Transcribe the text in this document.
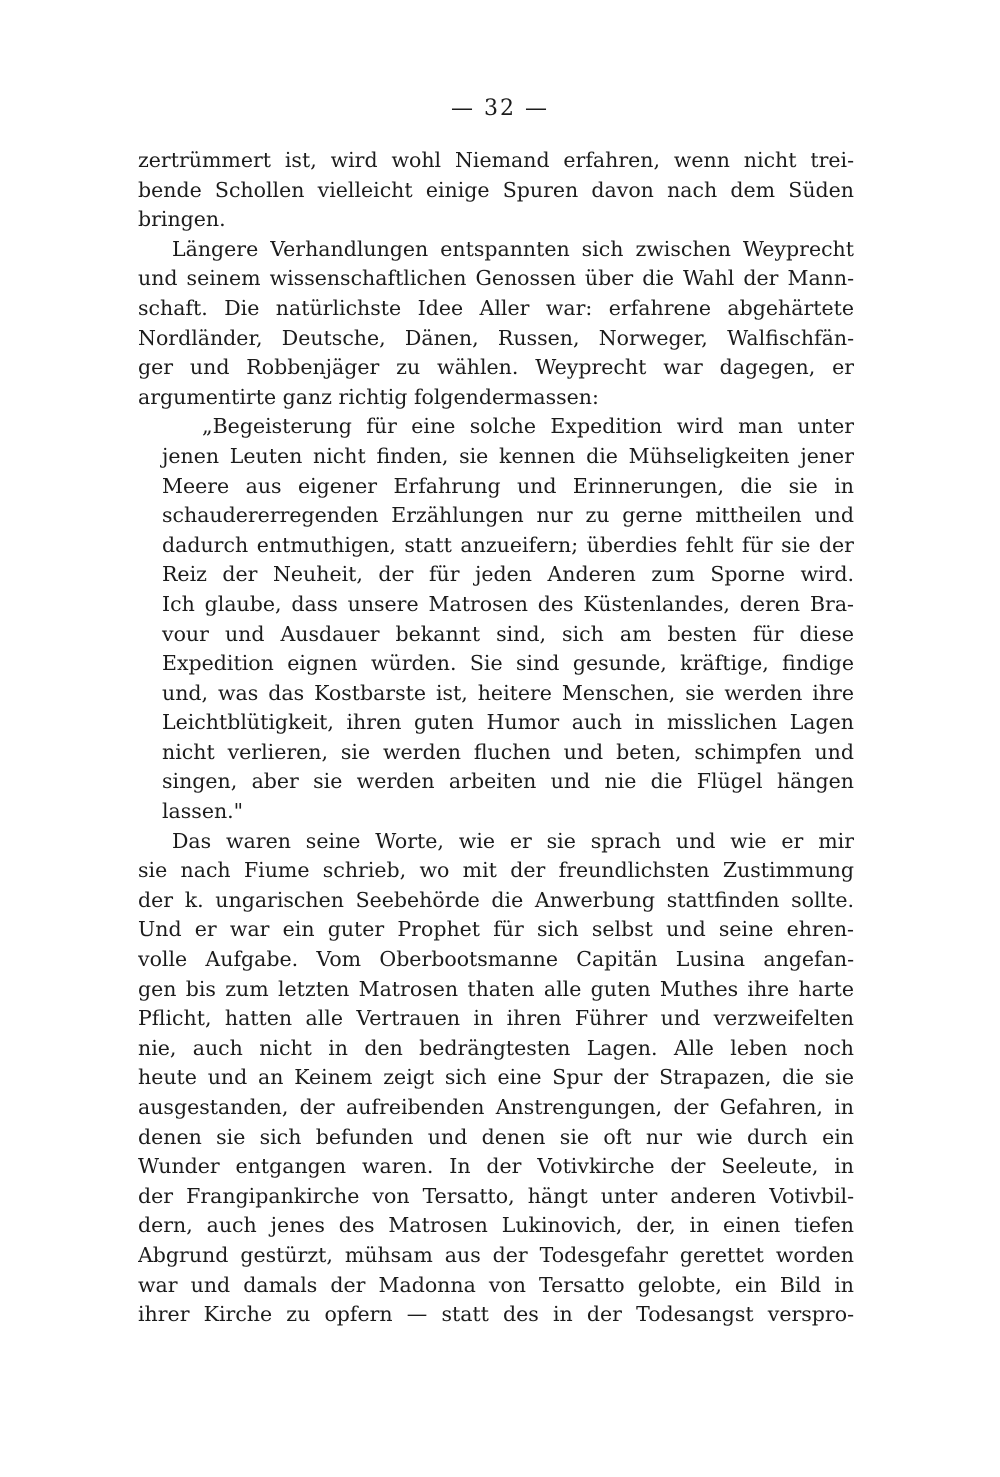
— 32 —
zertrümmert ist, wird wohl Niemand erfahren, wenn nicht trei-
bende Schollen vielleicht einige Spuren davon nach dem Süden
bringen.
Längere Verhandlungen entspannten sich zwischen Weyprecht
und seinem wissenschaftlichen Genossen über die Wahl der Mann-
schaft. Die natürlichste Idee Aller war: erfahrene abgehärtete
Nordländer, Deutsche, Dänen, Russen, Norweger, Walfischfän-
ger und Robbenjäger zu wählen. Weyprecht war dagegen, er
argumentirte ganz richtig folgendermassen:
„Begeisterung für eine solche Expedition wird man unter
jenen Leuten nicht finden, sie kennen die Mühseligkeiten jener
Meere aus eigener Erfahrung und Erinnerungen, die sie in
schaudererregenden Erzählungen nur zu gerne mittheilen und
dadurch entmuthigen, statt anzueifern; überdies fehlt für sie der
Reiz der Neuheit, der für jeden Anderen zum Sporne wird.
Ich glaube, dass unsere Matrosen des Küstenlandes, deren Bra-
vour und Ausdauer bekannt sind, sich am besten für diese
Expedition eignen würden. Sie sind gesunde, kräftige, findige
und, was das Kostbarste ist, heitere Menschen, sie werden ihre
Leichtblütigkeit, ihren guten Humor auch in misslichen Lagen
nicht verlieren, sie werden fluchen und beten, schimpfen und
singen, aber sie werden arbeiten und nie die Flügel hängen
lassen."
Das waren seine Worte, wie er sie sprach und wie er mir
sie nach Fiume schrieb, wo mit der freundlichsten Zustimmung
der k. ungarischen Seebehörde die Anwerbung stattfinden sollte.
Und er war ein guter Prophet für sich selbst und seine ehren-
volle Aufgabe. Vom Oberbootsmanne Capitän Lusina angefan-
gen bis zum letzten Matrosen thaten alle guten Muthes ihre harte
Pflicht, hatten alle Vertrauen in ihren Führer und verzweifelten
nie, auch nicht in den bedrängtesten Lagen. Alle leben noch
heute und an Keinem zeigt sich eine Spur der Strapazen, die sie
ausgestanden, der aufreibenden Anstrengungen, der Gefahren, in
denen sie sich befunden und denen sie oft nur wie durch ein
Wunder entgangen waren. In der Votivkirche der Seeleute, in
der Frangipankirche von Tersatto, hängt unter anderen Votivbil-
dern, auch jenes des Matrosen Lukinovich, der, in einen tiefen
Abgrund gestürzt, mühsam aus der Todesgefahr gerettet worden
war und damals der Madonna von Tersatto gelobte, ein Bild in
ihrer Kirche zu opfern — statt des in der Todesangst verspro-
